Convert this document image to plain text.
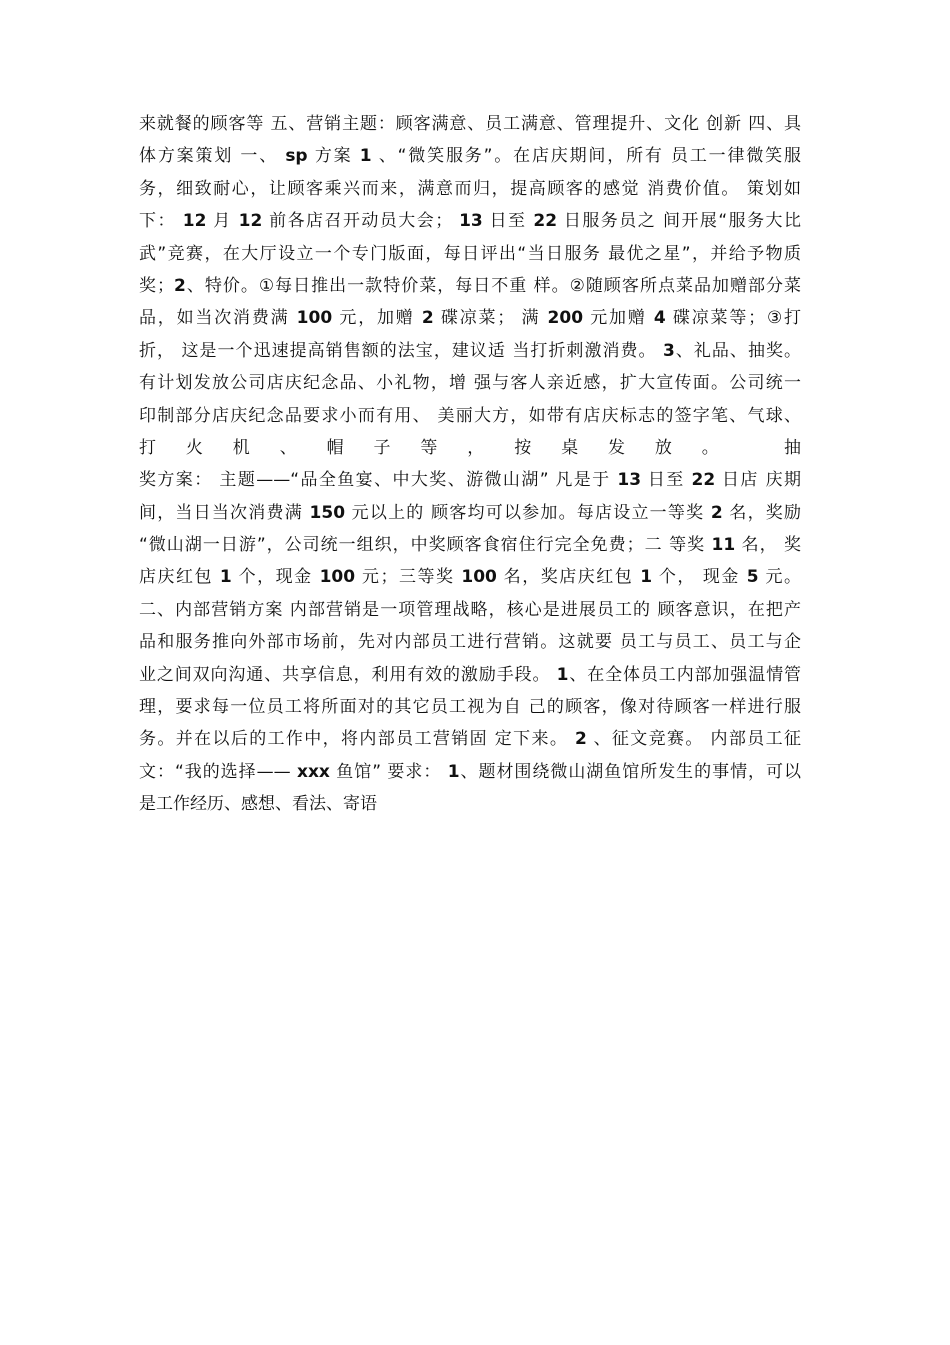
来就餐的顾客等 五、营销主题：顾客满意、员工满意、管理提升、文化 创新 四、具
体方案策划 一、 sp 方案 1 、“微笑服务”。在店庆期间，所有 员工一律微笑服
务，细致耐心，让顾客乘兴而来，满意而归，提高顾客的感觉 消费价值。 策划如
下： 12 月 12 前各店召开动员大会； 13 日至 22 日服务员之 间开展“服务大比
武”竞赛，在大厅设立一个专门版面，每日评出“当日服务 最优之星”，并给予物质
奖；2、特价。①每日推出一款特价菜，每日不重 样。②随顾客所点菜品加赠部分菜
品，如当次消费满 100 元，加赠 2 碟凉菜； 满 200 元加赠 4 碟凉菜等；③打
折， 这是一个迅速提高销售额的法宝，建议适 当打折刺激消费。 3、礼品、抽奖。
有计划发放公司店庆纪念品、小礼物，增 强与客人亲近感，扩大宣传面。公司统一
印制部分店庆纪念品要求小而有用、 美丽大方，如带有店庆标志的签字笔、气球、
打火机、帽子等，按桌发放。 抽
奖方案： 主题——“品全鱼宴、中大奖、游微山湖” 凡是于 13 日至 22 日店 庆期
间，当日当次消费满 150 元以上的 顾客均可以参加。每店设立一等奖 2 名，奖励
“微山湖一日游”，公司统一组织，中奖顾客食宿住行完全免费；二 等奖 11 名， 奖
店庆红包 1 个，现金 100 元；三等奖 100 名，奖店庆红包 1 个， 现金 5 元。
二、内部营销方案 内部营销是一项管理战略，核心是进展员工的 顾客意识，在把产
品和服务推向外部市场前，先对内部员工进行营销。这就要 员工与员工、员工与企
业之间双向沟通、共享信息，利用有效的激励手段。 1、在全体员工内部加强温情管
理，要求每一位员工将所面对的其它员工视为自 己的顾客，像对待顾客一样进行服
务。并在以后的工作中，将内部员工营销固 定下来。 2 、征文竞赛。 内部员工征
文：“我的选择—— xxx 鱼馆” 要求： 1、题材围绕微山湖鱼馆所发生的事情，可以
是工作经历、感想、看法、寄语
